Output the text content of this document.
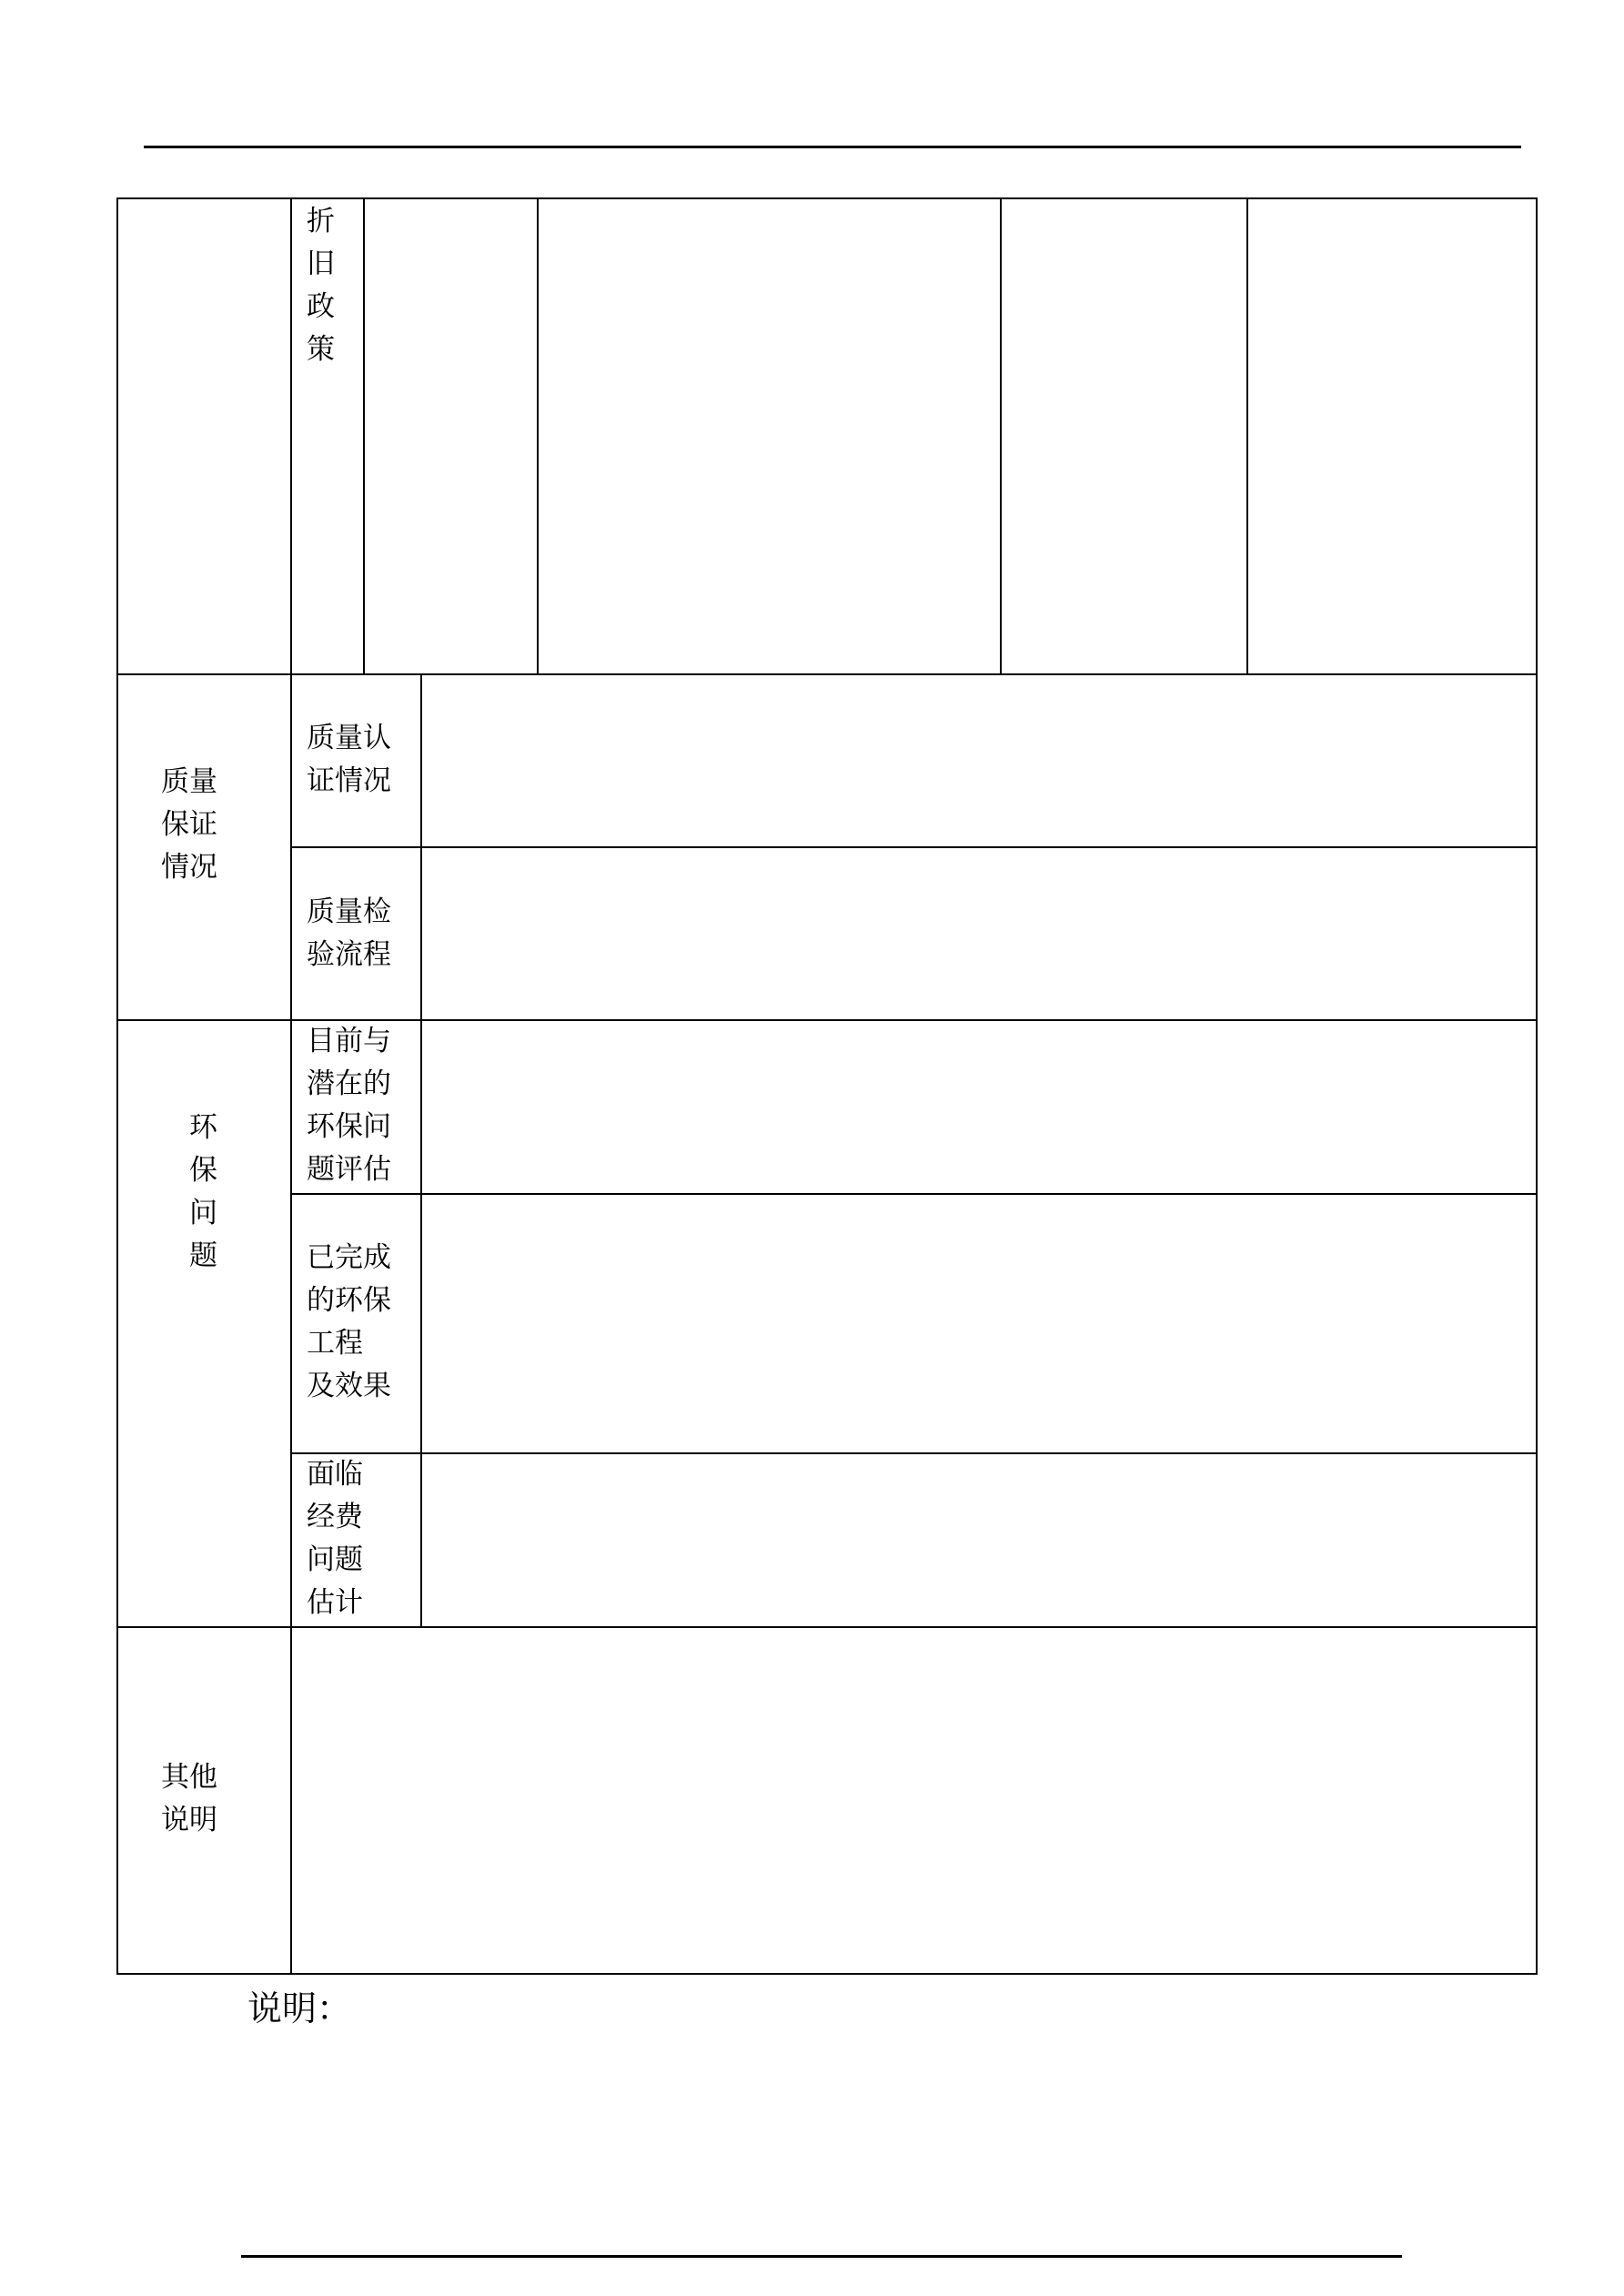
折
旧
政
策
质量
保证
情况
质量认
证情况
质量检
验流程
环
保
问
题
目前与
潜在的
环保问
题评估
已完成
的环保
工程
及效果
面临
经费
问题
估计
其他
说明
说明：
